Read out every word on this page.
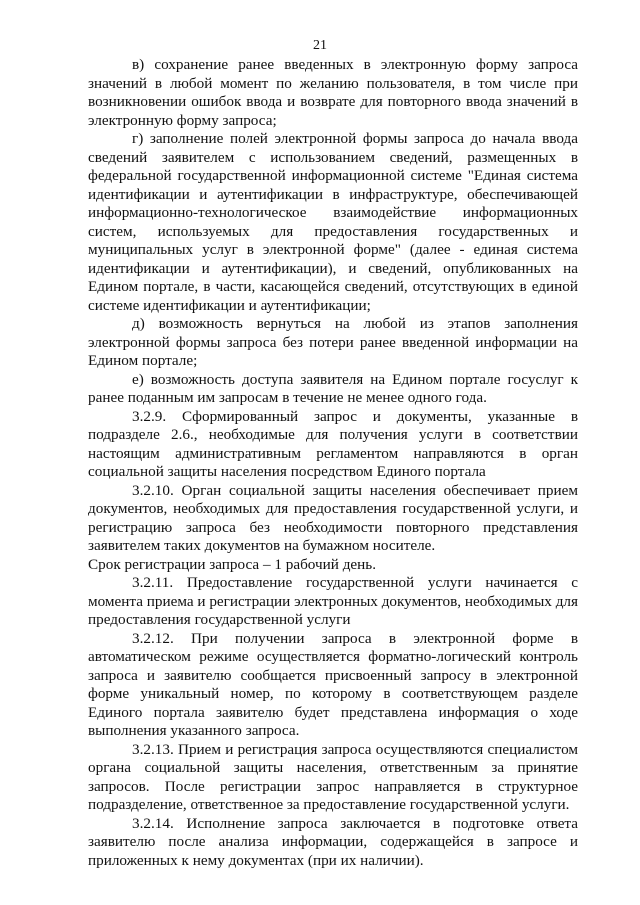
21

в) сохранение ранее введенных в электронную форму запроса значений в любой момент по желанию пользователя, в том числе при возникновении ошибок ввода и возврате для повторного ввода значений в электронную форму запроса;

г) заполнение полей электронной формы запроса до начала ввода сведений заявителем с использованием сведений, размещенных в федеральной государственной информационной системе "Единая система идентификации и аутентификации в инфраструктуре, обеспечивающей информационно-технологическое взаимодействие информационных систем, используемых для предоставления государственных и муниципальных услуг в электронной форме" (далее - единая система идентификации и аутентификации), и сведений, опубликованных на Едином портале, в части, касающейся сведений, отсутствующих в единой системе идентификации и аутентификации;

д) возможность вернуться на любой из этапов заполнения электронной формы запроса без потери ранее введенной информации на Едином портале;

е) возможность доступа заявителя на Едином портале госуслуг к ранее поданным им запросам в течение не менее одного года.

3.2.9. Сформированный запрос и документы, указанные в подразделе 2.6., необходимые для получения услуги в соответствии настоящим административным регламентом направляются в орган социальной защиты населения посредством Единого портала

3.2.10. Орган социальной защиты населения обеспечивает прием документов, необходимых для предоставления государственной услуги, и регистрацию запроса без необходимости повторного представления заявителем таких документов на бумажном носителе.

Срок регистрации запроса – 1 рабочий день.

3.2.11. Предоставление государственной услуги начинается с момента приема и регистрации электронных документов, необходимых для предоставления государственной услуги

3.2.12. При получении запроса в электронной форме в автоматическом режиме осуществляется форматно-логический контроль запроса и заявителю сообщается присвоенный запросу в электронной форме уникальный номер, по которому в соответствующем разделе Единого портала заявителю будет представлена информация о ходе выполнения указанного запроса.

3.2.13. Прием и регистрация запроса осуществляются специалистом органа социальной защиты населения, ответственным за принятие запросов. После регистрации запрос направляется в структурное подразделение, ответственное за предоставление государственной услуги.

3.2.14. Исполнение запроса заключается в подготовке ответа заявителю после анализа информации, содержащейся в запросе и приложенных к нему документах (при их наличии).
